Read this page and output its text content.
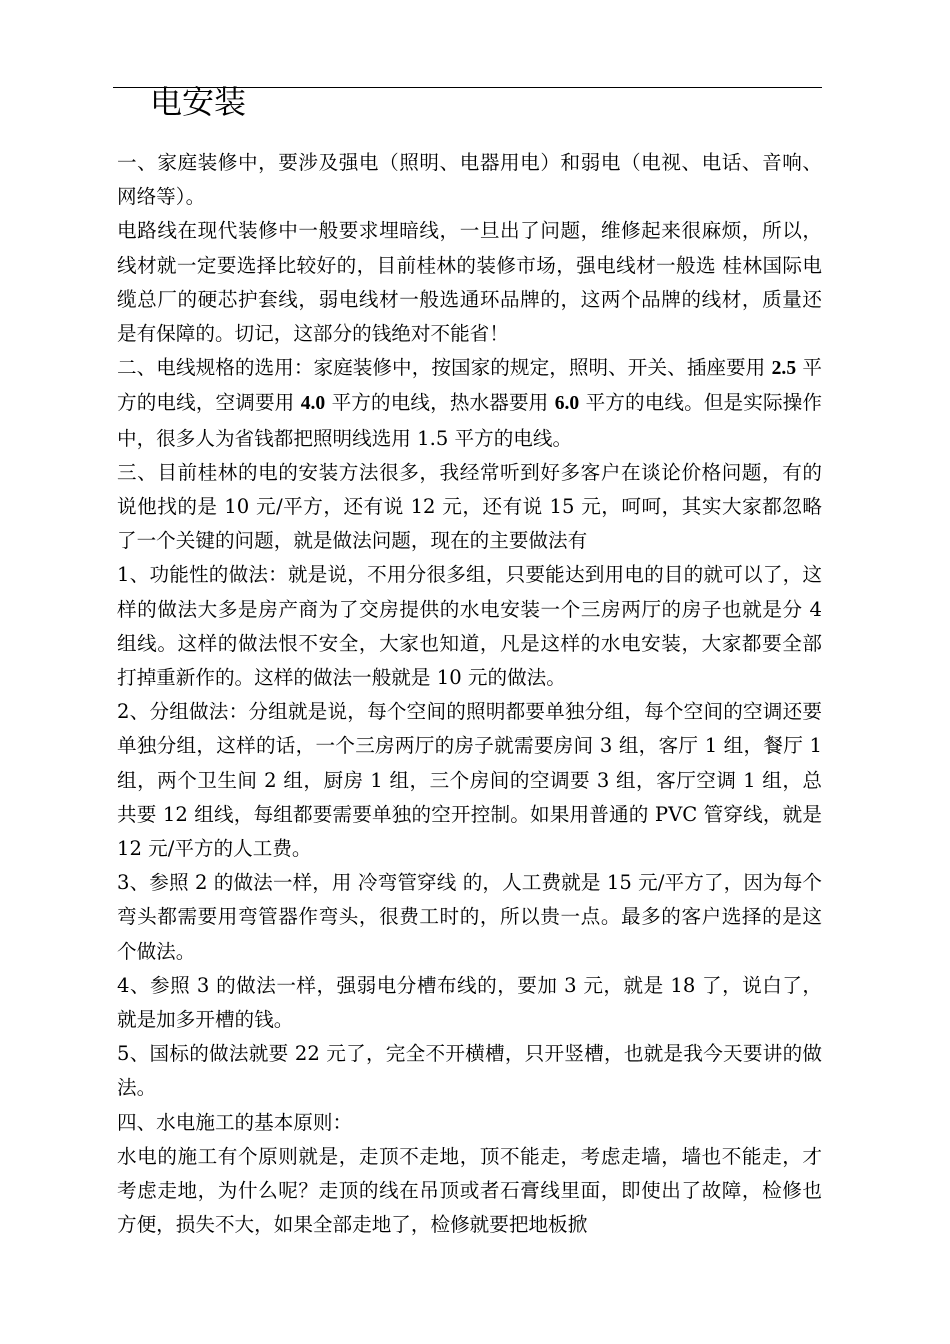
电安装

一、家庭装修中，要涉及强电（照明、电器用电）和弱电（电视、电话、音响、网络等）。

电路线在现代装修中一般要求埋暗线，一旦出了问题，维修起来很麻烦，所以，线材就一定要选择比较好的，目前桂林的装修市场，强电线材一般选 桂林国际电缆总厂的硬芯护套线，弱电线材一般选通环品牌的，这两个品牌的线材，质量还是有保障的。切记，这部分的钱绝对不能省！

二、电线规格的选用：家庭装修中，按国家的规定，照明、开关、插座要用 2.5 平方的电线，空调要用 4.0 平方的电线，热水器要用 6.0 平方的电线。但是实际操作中，很多人为省钱都把照明线选用 1.5 平方的电线。

三、目前桂林的电的安装方法很多，我经常听到好多客户在谈论价格问题，有的说他找的是 10 元/平方，还有说 12 元，还有说 15 元，呵呵，其实大家都忽略了一个关键的问题，就是做法问题，现在的主要做法有

1、功能性的做法：就是说，不用分很多组，只要能达到用电的目的就可以了，这样的做法大多是房产商为了交房提供的水电安装一个三房两厅的房子也就是分 4 组线。这样的做法恨不安全，大家也知道，凡是这样的水电安装，大家都要全部打掉重新作的。这样的做法一般就是 10 元的做法。

2、分组做法：分组就是说，每个空间的照明都要单独分组，每个空间的空调还要单独分组，这样的话，一个三房两厅的房子就需要房间 3 组，客厅 1 组，餐厅 1 组，两个卫生间 2 组，厨房 1 组，三个房间的空调要 3 组，客厅空调 1 组，总共要 12 组线，每组都要需要单独的空开控制。如果用普通的 PVC 管穿线，就是 12 元/平方的人工费。

3、参照 2 的做法一样，用 冷弯管穿线 的，人工费就是 15 元/平方了，因为每个弯头都需要用弯管器作弯头，很费工时的，所以贵一点。最多的客户选择的是这个做法。

4、参照 3 的做法一样，强弱电分槽布线的，要加 3 元，就是 18 了，说白了，就是加多开槽的钱。

5、国标的做法就要 22 元了，完全不开横槽，只开竖槽，也就是我今天要讲的做法。

四、水电施工的基本原则：

水电的施工有个原则就是，走顶不走地，顶不能走，考虑走墙，墙也不能走，才考虑走地，为什么呢？走顶的线在吊顶或者石膏线里面，即使出了故障，检修也方便，损失不大，如果全部走地了，检修就要把地板掀
